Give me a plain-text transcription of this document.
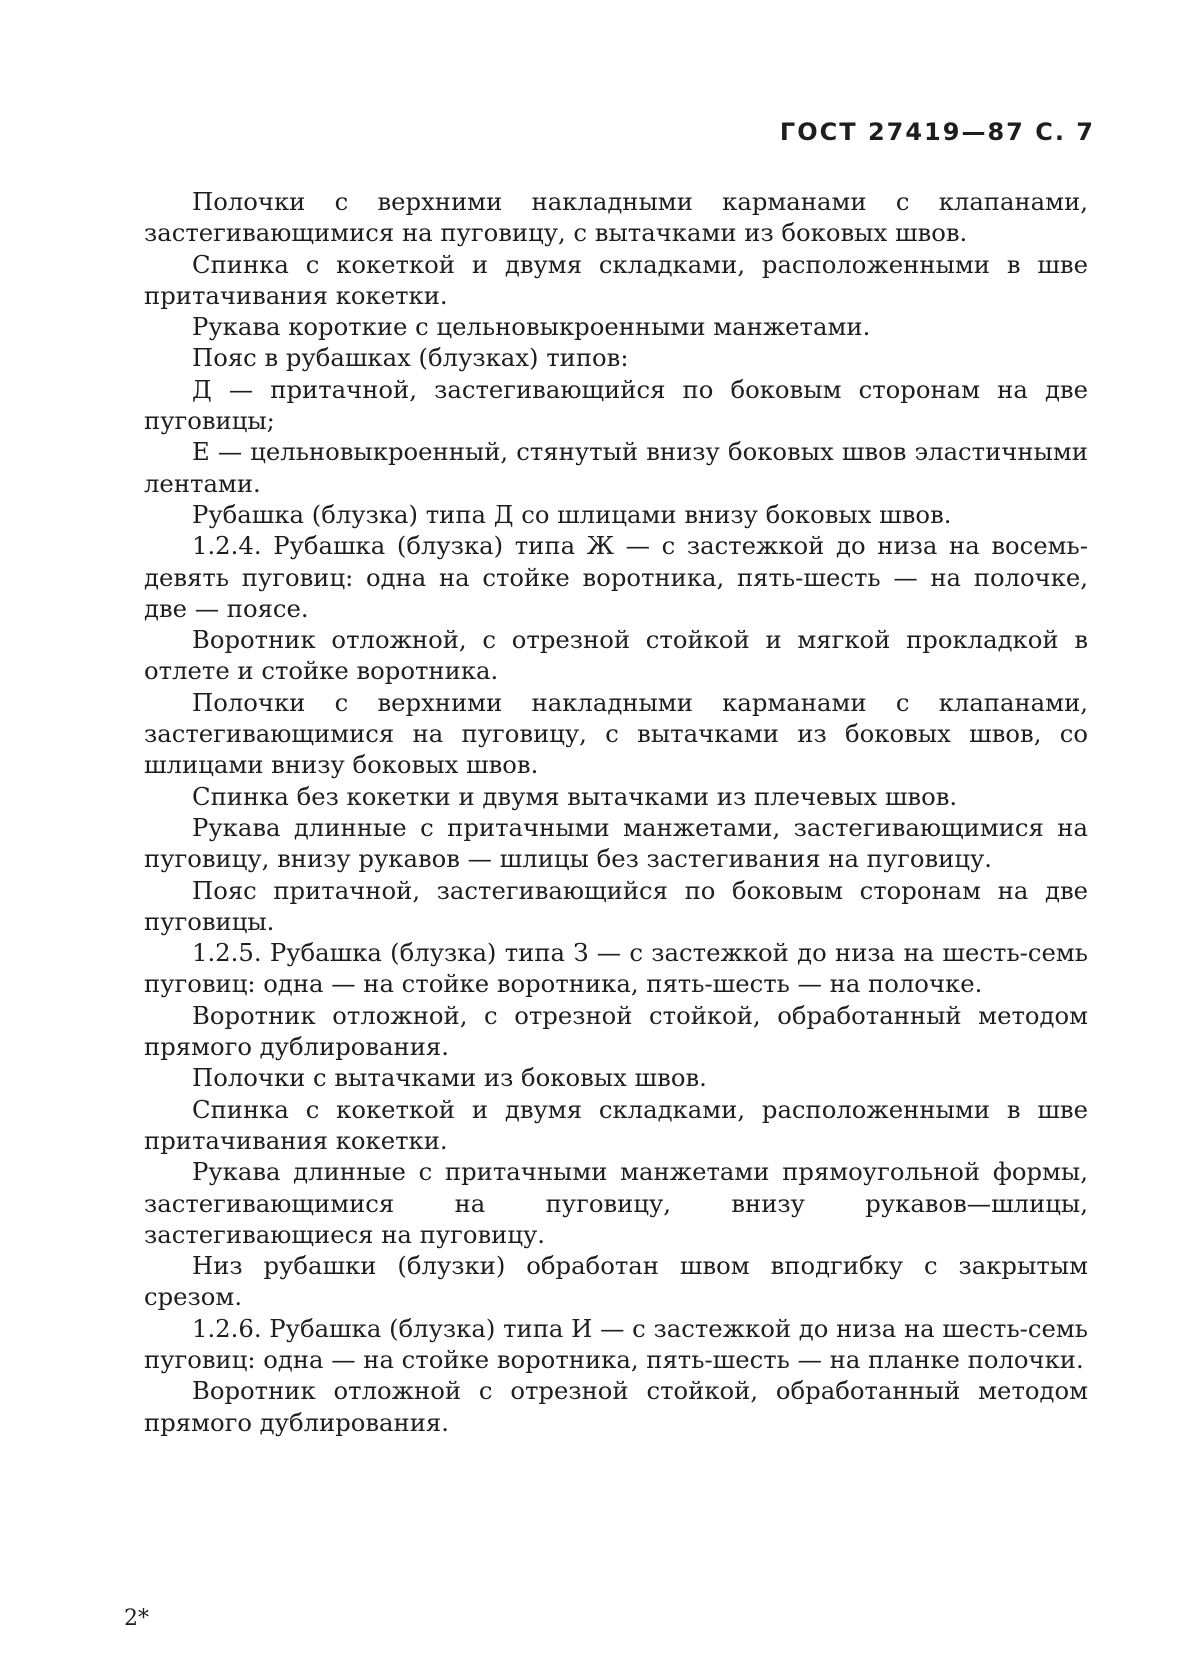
ГОСТ 27419—87 С. 7

Полочки с верхними накладными карманами с клапанами, застегивающимися на пуговицу, с вытачками из боковых швов.

Спинка с кокеткой и двумя складками, расположенными в шве притачивания кокетки.

Рукава короткие с цельновыкроенными манжетами.

Пояс в рубашках (блузках) типов:

Д — притачной, застегивающийся по боковым сторонам на две пуговицы;

Е — цельновыкроенный, стянутый внизу боковых швов эластичными лентами.

Рубашка (блузка) типа Д со шлицами внизу боковых швов.

1.2.4. Рубашка (блузка) типа Ж — с застежкой до низа на восемь-девять пуговиц: одна на стойке воротника, пять-шесть — на полочке, две — поясе.

Воротник отложной, с отрезной стойкой и мягкой прокладкой в отлете и стойке воротника.

Полочки с верхними накладными карманами с клапанами, застегивающимися на пуговицу, с вытачками из боковых швов, со шлицами внизу боковых швов.

Спинка без кокетки и двумя вытачками из плечевых швов.

Рукава длинные с притачными манжетами, застегивающимися на пуговицу, внизу рукавов — шлицы без застегивания на пуговицу.

Пояс притачной, застегивающийся по боковым сторонам на две пуговицы.

1.2.5. Рубашка (блузка) типа З — с застежкой до низа на шесть-семь пуговиц: одна — на стойке воротника, пять-шесть — на полочке.

Воротник отложной, с отрезной стойкой, обработанный методом прямого дублирования.

Полочки с вытачками из боковых швов.

Спинка с кокеткой и двумя складками, расположенными в шве притачивания кокетки.

Рукава длинные с притачными манжетами прямоугольной формы, застегивающимися на пуговицу, внизу рукавов—шлицы, застегивающиеся на пуговицу.

Низ рубашки (блузки) обработан швом вподгибку с закрытым срезом.

1.2.6. Рубашка (блузка) типа И — с застежкой до низа на шесть-семь пуговиц: одна — на стойке воротника, пять-шесть — на планке полочки.

Воротник отложной с отрезной стойкой, обработанный методом прямого дублирования.

2*
